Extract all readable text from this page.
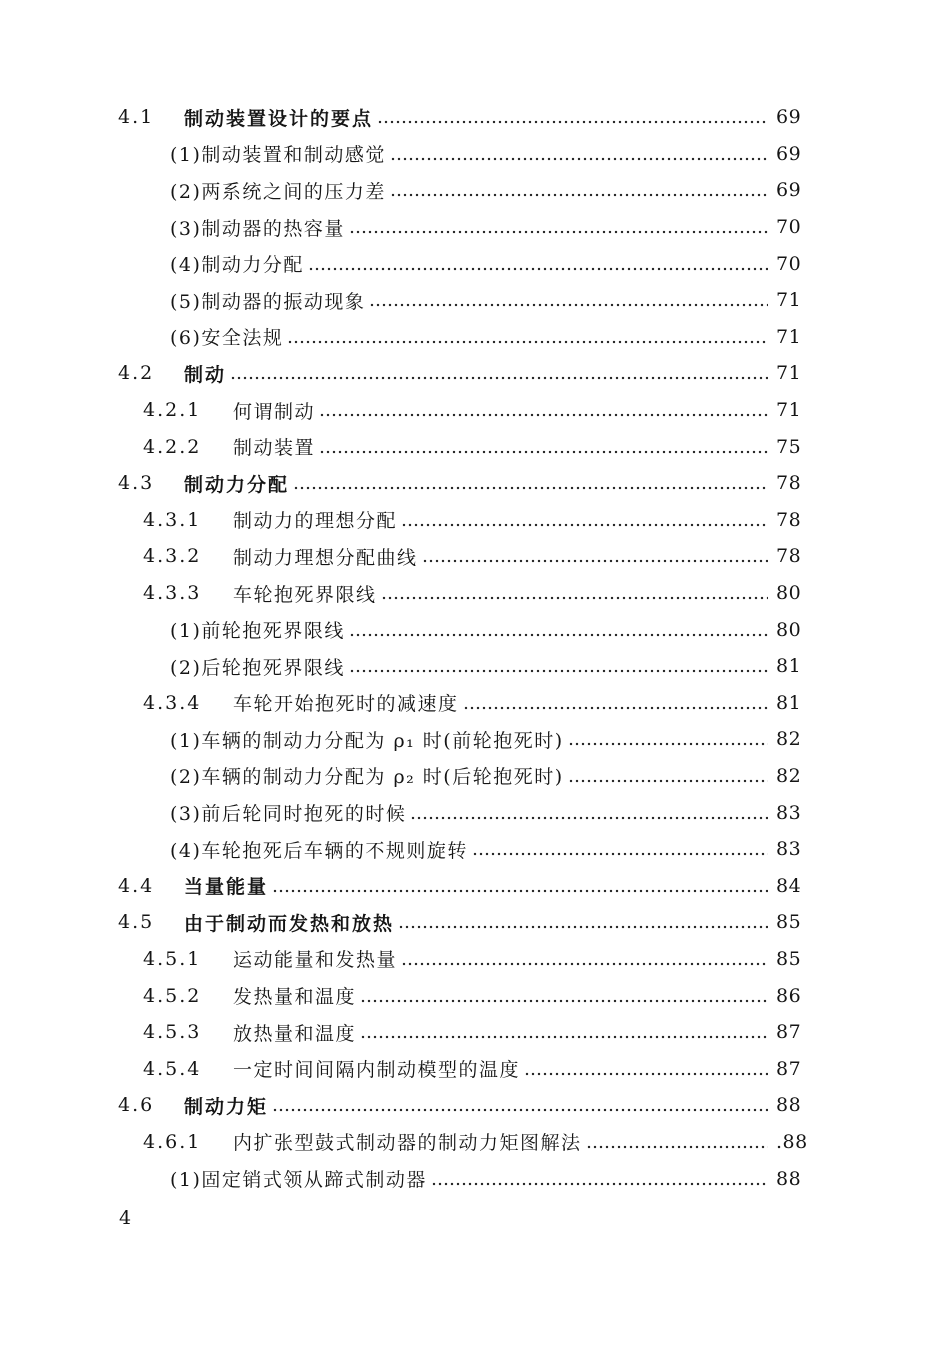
4.1	制动装置设计的要点	69
(1)制动装置和制动感觉	69
(2)两系统之间的压力差	69
(3)制动器的热容量	70
(4)制动力分配	70
(5)制动器的振动现象	71
(6)安全法规	71
4.2	制动	71
4.2.1	何谓制动	71
4.2.2	制动装置	75
4.3	制动力分配	78
4.3.1	制动力的理想分配	78
4.3.2	制动力理想分配曲线	78
4.3.3	车轮抱死界限线	80
(1)前轮抱死界限线	80
(2)后轮抱死界限线	81
4.3.4	车轮开始抱死时的减速度	81
(1)车辆的制动力分配为 ρ₁ 时(前轮抱死时)	82
(2)车辆的制动力分配为 ρ₂ 时(后轮抱死时)	82
(3)前后轮同时抱死的时候	83
(4)车轮抱死后车辆的不规则旋转	83
4.4	当量能量	84
4.5	由于制动而发热和放热	85
4.5.1	运动能量和发热量	85
4.5.2	发热量和温度	86
4.5.3	放热量和温度	87
4.5.4	一定时间间隔内制动模型的温度	87
4.6	制动力矩	88
4.6.1	内扩张型鼓式制动器的制动力矩图解法	.88
(1)固定销式领从蹄式制动器	88
4
